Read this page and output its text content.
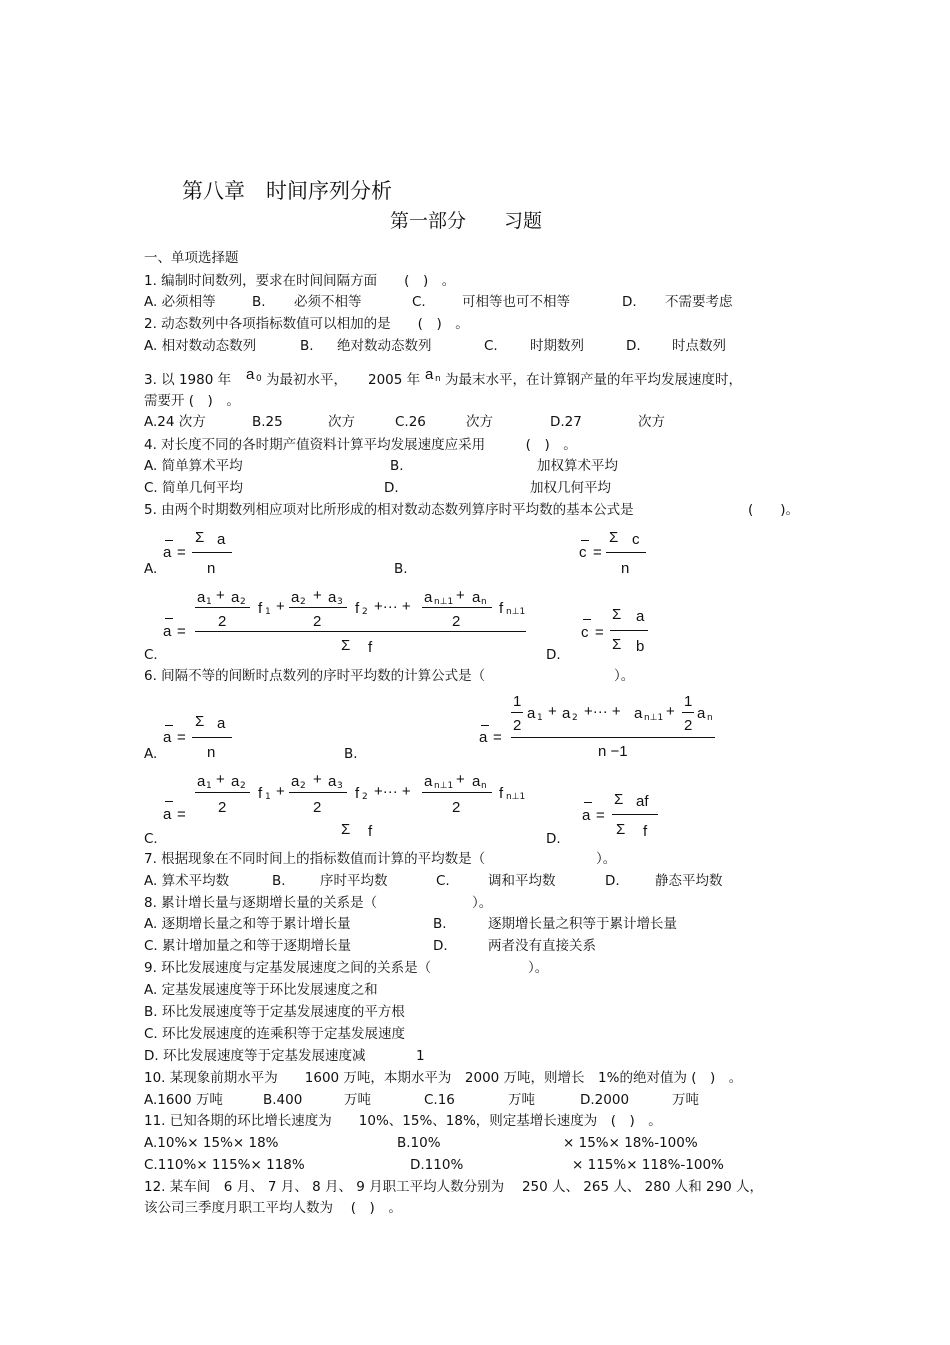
第八章　时间序列分析
第一部分　　习题
一、单项选择题
1. 编制时间数列，要求在时间间隔方面　　(　)　。
A. 必须相等	B. 必须不相等	C.	可相等也可不相等	D. 不需要考虑
2. 动态数列中各项指标数值可以相加的是　　(　)　。
A. 相对数动态数列	B. 绝对数动态数列	C. 时期数列	D. 时点数列
3. 以 1980 年 a 0 为最初水平， 2005 年 a n 为最末水平，在计算钢产量的年平均发展速度时，
需要开 (　)　。
A.24 次方	B.25	次方	C.26	次方	D.27	次方
4. 对长度不同的各时期产值资料计算平均发展速度应采用　　　(　)　。
A. 简单算术平均	B.	加权算术平均
C. 简单几何平均	D.	加权几何平均
5. 由两个时期数列相应项对比所形成的相对数动态数列算序时平均数的基本公式是	(　　)。
a =
Σ a
n
A.
c =
Σ c
n
B.
a =
a 1 + a 2
2
f 1 +
a 2 + a 3
2
f 2 +··· +
a n⊥1 + a n
2
f n⊥1
Σ f
C.
c =
Σ a
Σ b
D.
6. 间隔不等的间断时点数列的序时平均数的计算公式是（	）。
a =
Σ a
n
A.
a =
1
2
a 1 + a 2 +··· + a n⊥1 +
1
2
a n
n −1
B.
a =
a 1 + a 2
2
f 1 +
a 2 + a 3
2
f 2 +··· +
a n⊥1 + a n
2
f n⊥1
Σ f
C.
a =
Σ af
Σ f
D.
7. 根据现象在不同时间上的指标数值而计算的平均数是（	）。
A. 算术平均数	B.	序时平均数	C.	调和平均数	D.	静态平均数
8. 累计增长量与逐期增长量的关系是（	）。
A. 逐期增长量之和等于累计增长量	B.	逐期增长量之积等于累计增长量
C. 累计增加量之和等于逐期增长量	D.	两者没有直接关系
9. 环比发展速度与定基发展速度之间的关系是（	）。
A. 定基发展速度等于环比发展速度之和
B. 环比发展速度等于定基发展速度的平方根
C. 环比发展速度的连乘积等于定基发展速度
D. 环比发展速度等于定基发展速度减	1
10. 某现象前期水平为　　1600 万吨，本期水平为　2000 万吨，则增长　1%的绝对值为 (　)　。
A.1600 万吨	B.400	万吨	C.16	万吨	D.2000	万吨
11. 已知各期的环比增长速度为　　10%、15%、18%，则定基增长速度为　(　)　。
A.10%× 15%× 18%	B.10%	× 15%× 18%-100%
C.110%× 115%× 118%	D.110%	× 115%× 118%-100%
12. 某车间　6 月、 7 月、 8 月、 9 月职工平均人数分别为　 250 人、 265 人、 280 人和 290 人，
该公司三季度月职工平均人数为　 (　)　。
